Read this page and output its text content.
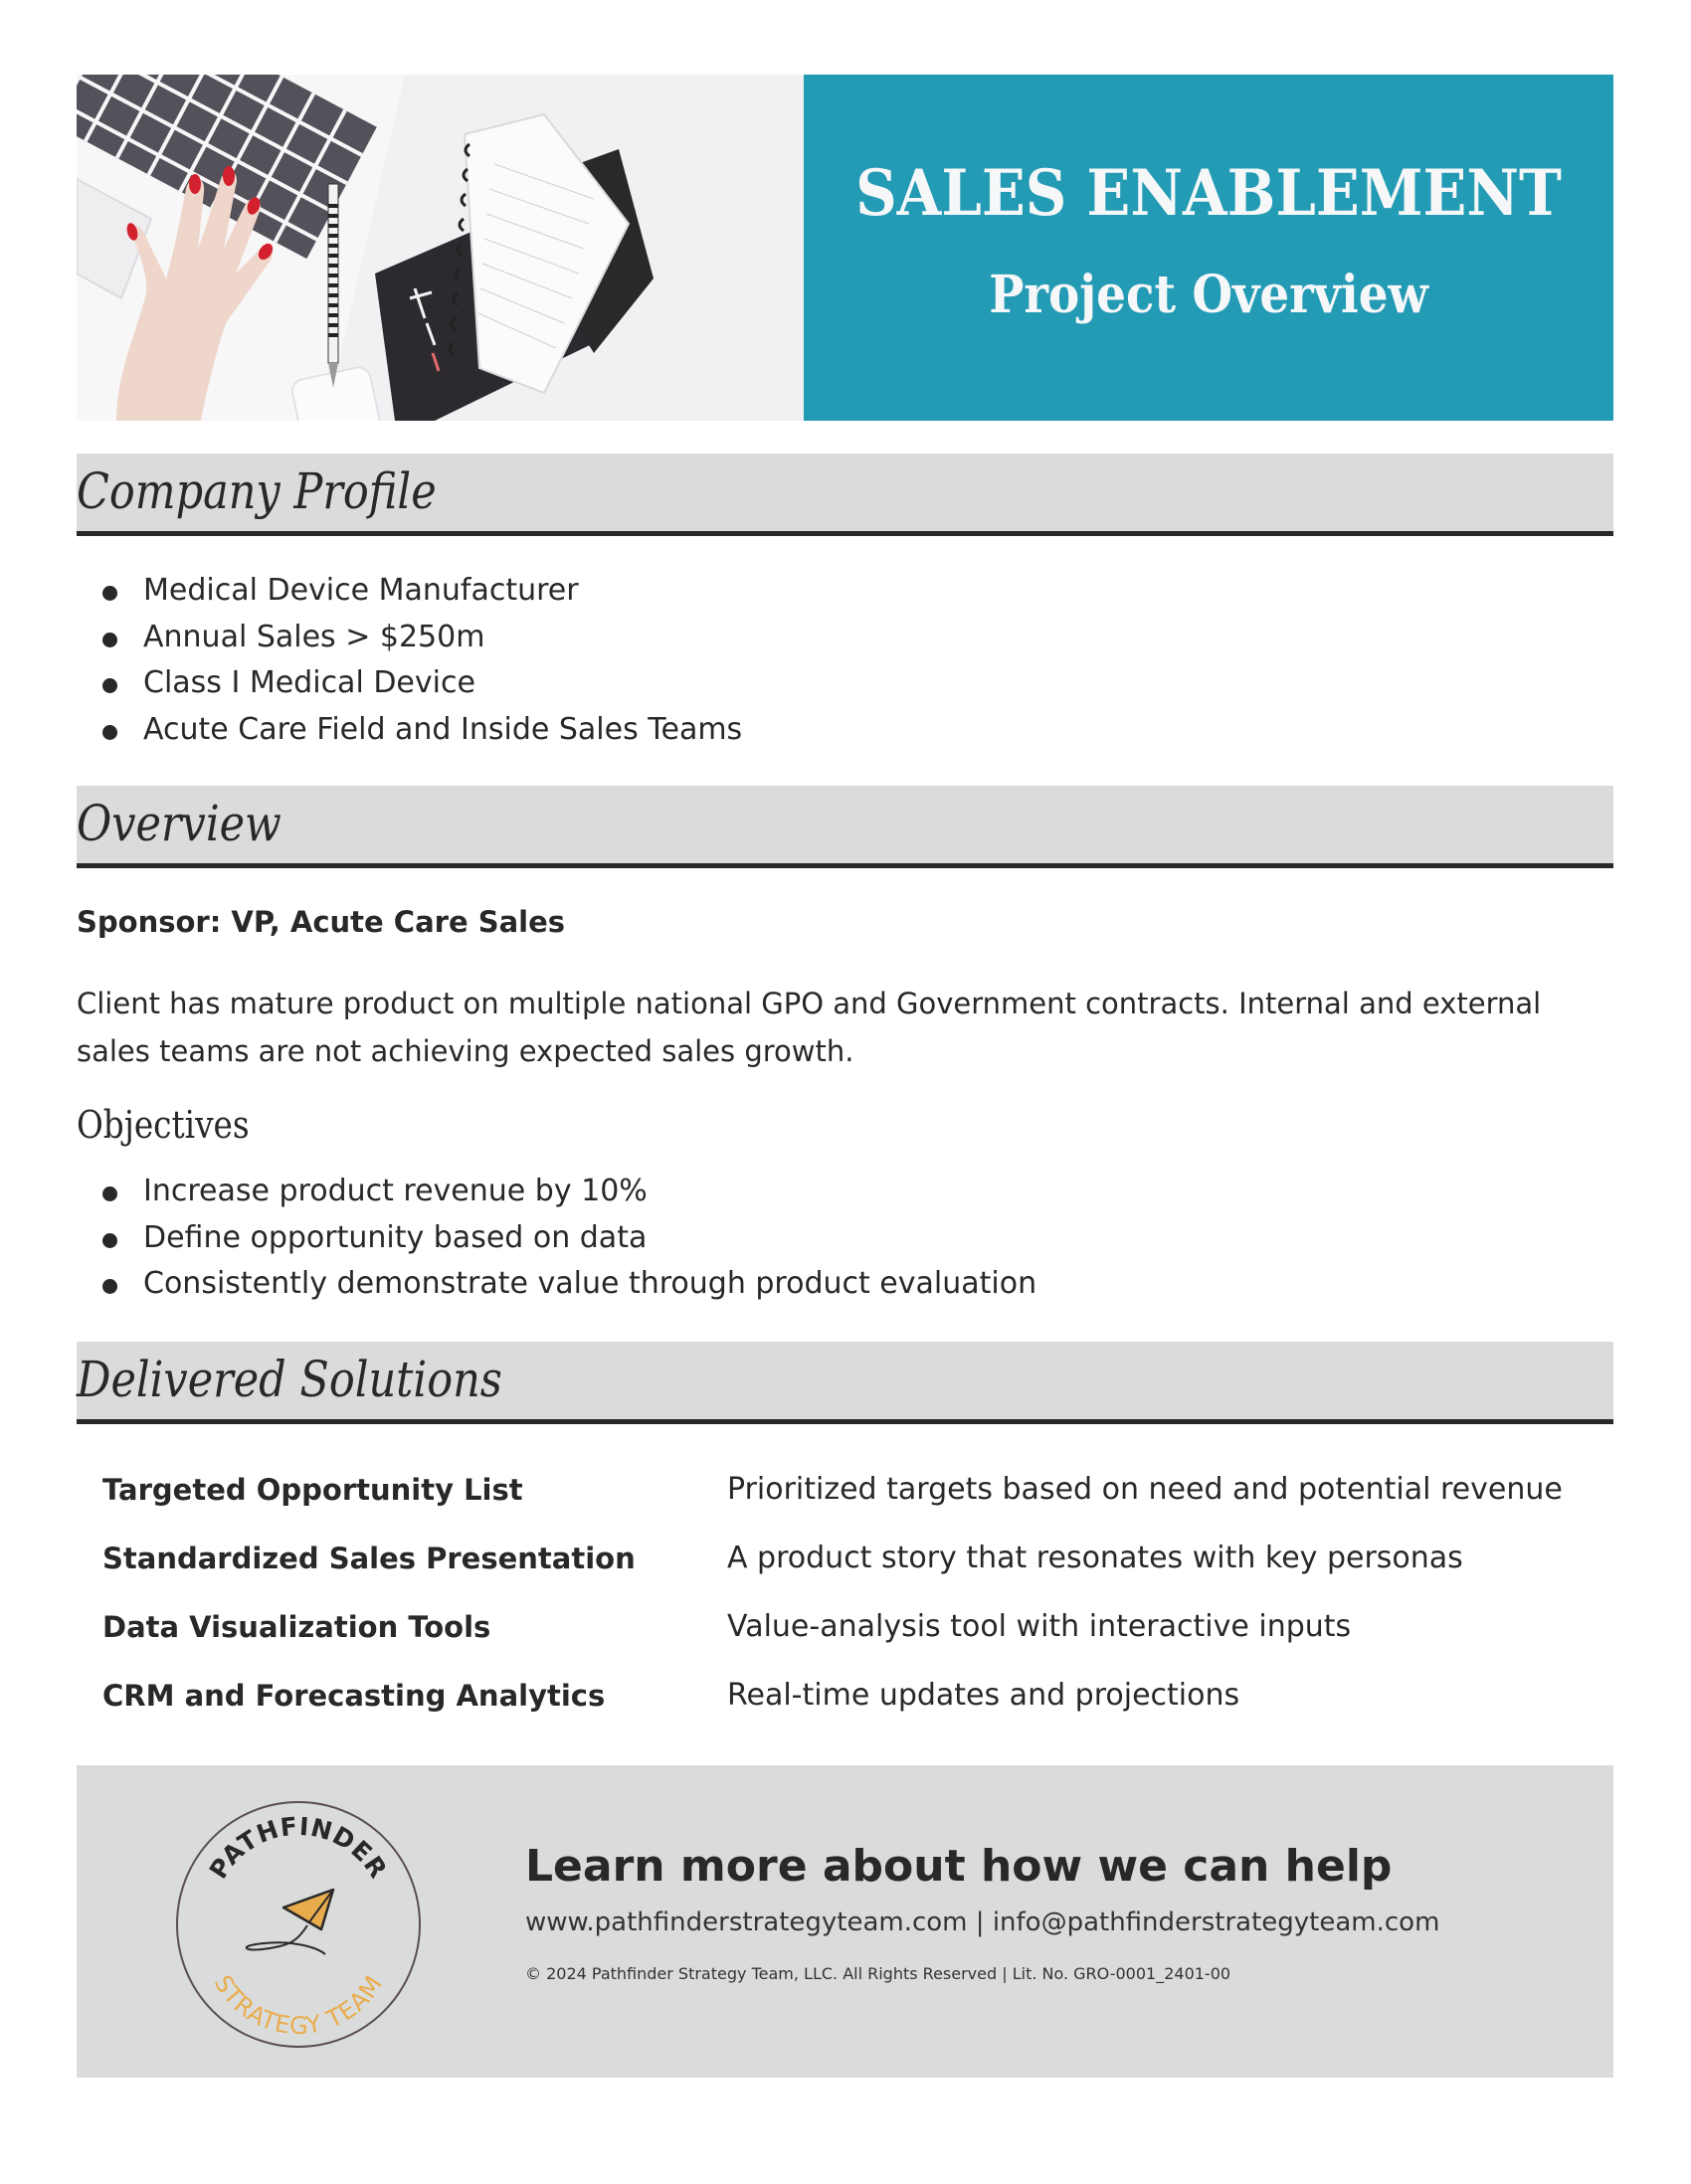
SALES ENABLEMENT
Project Overview
Company Profile
Medical Device Manufacturer
Annual Sales > $250m
Class I Medical Device
Acute Care Field and Inside Sales Teams
Overview
Sponsor: VP, Acute Care Sales

Client has mature product on multiple national GPO and Government contracts. Internal and external sales teams are not achieving expected sales growth.

Objectives
Increase product revenue by 10%
Define opportunity based on data
Consistently demonstrate value through product evaluation
Delivered Solutions
Targeted Opportunity List	Prioritized targets based on need and potential revenue
Standardized Sales Presentation	A product story that resonates with key personas
Data Visualization Tools	Value-analysis tool with interactive inputs
CRM and Forecasting Analytics	Real-time updates and projections
PATHFINDER
STRATEGY TEAM
Learn more about how we can help
www.pathfinderstrategyteam.com | info@pathfinderstrategyteam.com
© 2024 Pathfinder Strategy Team, LLC. All Rights Reserved | Lit. No. GRO-0001_2401-00
